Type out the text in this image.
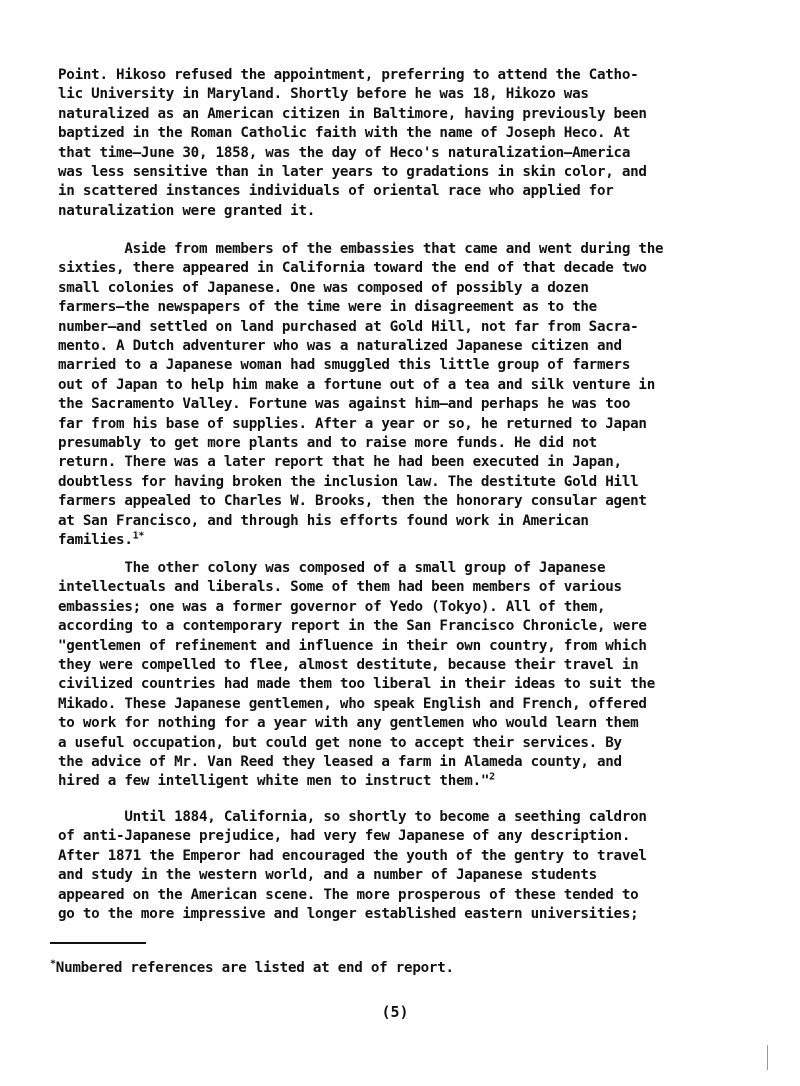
Point. Hikoso refused the appointment, preferring to attend the Catho-
lic University in Maryland. Shortly before he was 18, Hikozo was
naturalized as an American citizen in Baltimore, having previously been
baptized in the Roman Catholic faith with the name of Joseph Heco. At
that time—June 30, 1858, was the day of Heco's naturalization—America
was less sensitive than in later years to gradations in skin color, and
in scattered instances individuals of oriental race who applied for
naturalization were granted it.
Aside from members of the embassies that came and went during the
sixties, there appeared in California toward the end of that decade two
small colonies of Japanese. One was composed of possibly a dozen
farmers—the newspapers of the time were in disagreement as to the
number—and settled on land purchased at Gold Hill, not far from Sacra-
mento. A Dutch adventurer who was a naturalized Japanese citizen and
married to a Japanese woman had smuggled this little group of farmers
out of Japan to help him make a fortune out of a tea and silk venture in
the Sacramento Valley. Fortune was against him—and perhaps he was too
far from his base of supplies. After a year or so, he returned to Japan
presumably to get more plants and to raise more funds. He did not
return. There was a later report that he had been executed in Japan,
doubtless for having broken the inclusion law. The destitute Gold Hill
farmers appealed to Charles W. Brooks, then the honorary consular agent
at San Francisco, and through his efforts found work in American
families.$^{1*}$
The other colony was composed of a small group of Japanese
intellectuals and liberals. Some of them had been members of various
embassies; one was a former governor of Yedo (Tokyo). All of them,
according to a contemporary report in the San Francisco Chronicle, were
"gentlemen of refinement and influence in their own country, from which
they were compelled to flee, almost destitute, because their travel in
civilized countries had made them too liberal in their ideas to suit the
Mikado. These Japanese gentlemen, who speak English and French, offered
to work for nothing for a year with any gentlemen who would learn them
a useful occupation, but could get none to accept their services. By
the advice of Mr. Van Reed they leased a farm in Alameda county, and
hired a few intelligent white men to instruct them."$^2$
Until 1884, California, so shortly to become a seething caldron
of anti-Japanese prejudice, had very few Japanese of any description.
After 1871 the Emperor had encouraged the youth of the gentry to travel
and study in the western world, and a number of Japanese students
appeared on the American scene. The more prosperous of these tended to
go to the more impressive and longer established eastern universities;
*Numbered references are listed at end of report.
(5)
